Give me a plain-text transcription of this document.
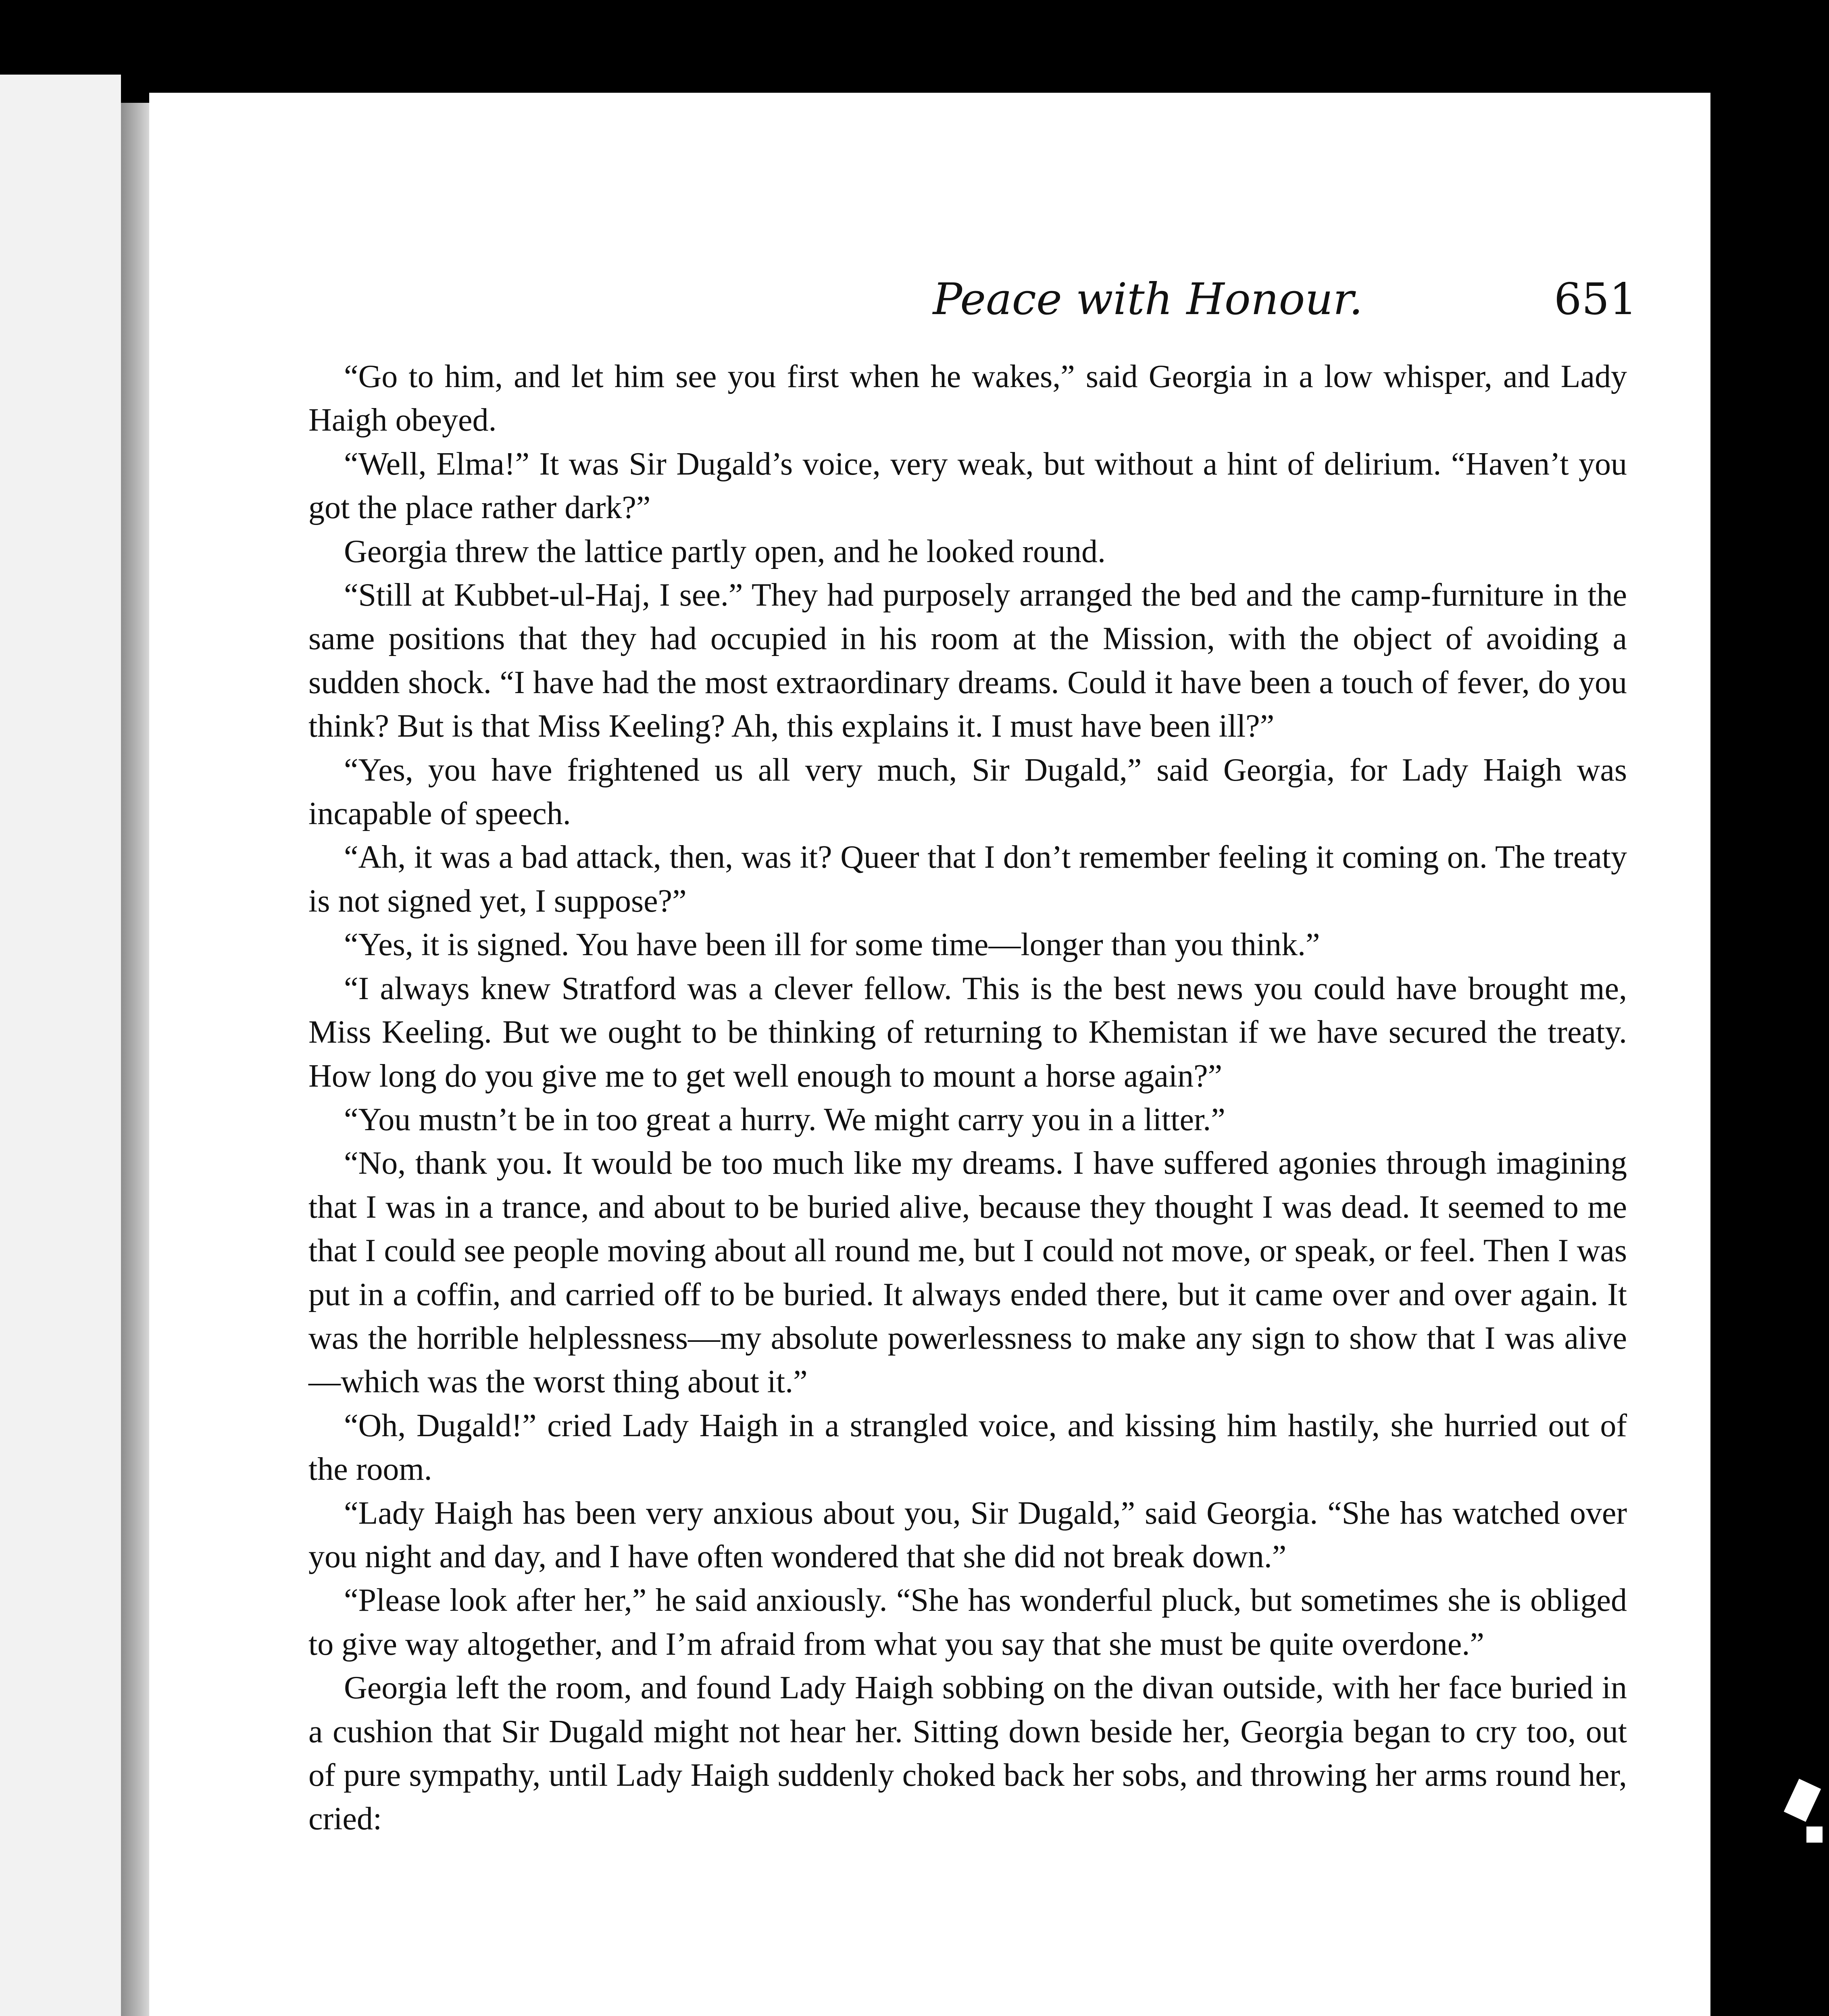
Peace with Honour.	651

“Go to him, and let him see you first when he wakes,” said Georgia in a low whisper, and Lady Haigh obeyed.

“Well, Elma!” It was Sir Dugald’s voice, very weak, but without a hint of delirium. “Haven’t you got the place rather dark?”

Georgia threw the lattice partly open, and he looked round.

“Still at Kubbet-ul-Haj, I see.” They had purposely arranged the bed and the camp-furniture in the same positions that they had occupied in his room at the Mission, with the object of avoiding a sudden shock. “I have had the most extraordinary dreams. Could it have been a touch of fever, do you think? But is that Miss Keeling? Ah, this explains it. I must have been ill?”

“Yes, you have frightened us all very much, Sir Dugald,” said Georgia, for Lady Haigh was incapable of speech.

“Ah, it was a bad attack, then, was it? Queer that I don’t remember feeling it coming on. The treaty is not signed yet, I suppose?”

“Yes, it is signed. You have been ill for some time—longer than you think.”

“I always knew Stratford was a clever fellow. This is the best news you could have brought me, Miss Keeling. But we ought to be thinking of returning to Khemistan if we have secured the treaty. How long do you give me to get well enough to mount a horse again?”

“You mustn’t be in too great a hurry. We might carry you in a litter.”

“No, thank you. It would be too much like my dreams. I have suffered agonies through imagining that I was in a trance, and about to be buried alive, because they thought I was dead. It seemed to me that I could see people moving about all round me, but I could not move, or speak, or feel. Then I was put in a coffin, and carried off to be buried. It always ended there, but it came over and over again. It was the horrible helplessness—my absolute powerlessness to make any sign to show that I was alive—which was the worst thing about it.”

“Oh, Dugald!” cried Lady Haigh in a strangled voice, and kissing him hastily, she hurried out of the room.

“Lady Haigh has been very anxious about you, Sir Dugald,” said Georgia. “She has watched over you night and day, and I have often wondered that she did not break down.”

“Please look after her,” he said anxiously. “She has wonderful pluck, but sometimes she is obliged to give way altogether, and I’m afraid from what you say that she must be quite overdone.”

Georgia left the room, and found Lady Haigh sobbing on the divan outside, with her face buried in a cushion that Sir Dugald might not hear her. Sitting down beside her, Georgia began to cry too, out of pure sympathy, until Lady Haigh suddenly choked back her sobs, and throwing her arms round her, cried:
